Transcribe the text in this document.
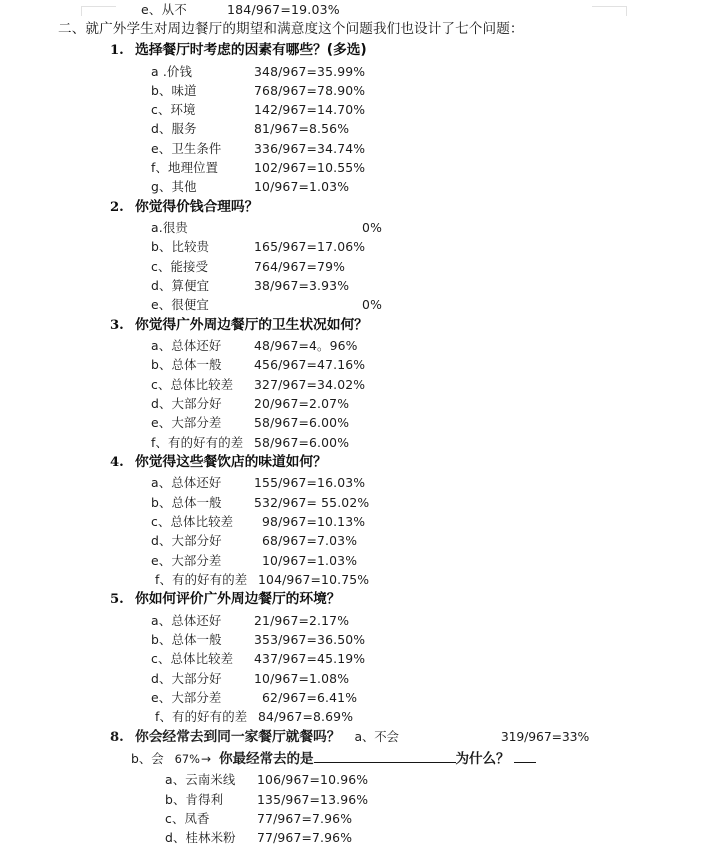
e、从不	184/967=19.03%
二、就广外学生对周边餐厅的期望和满意度这个问题我们也设计了七个问题：
1. 选择餐厅时考虑的因素有哪些？(多选)
a .价钱	348/967=35.99%
b、味道	768/967=78.90%
c、环境	142/967=14.70%
d、服务	81/967=8.56%
e、卫生条件	336/967=34.74%
f、地理位置	102/967=10.55%
g、其他	10/967=1.03%
2. 你觉得价钱合理吗？
a.很贵	0%
b、比较贵	165/967=17.06%
c、能接受	764/967=79%
d、算便宜	38/967=3.93%
e、很便宜	0%
3. 你觉得广外周边餐厅的卫生状况如何？
a、总体还好	48/967=4。96%
b、总体一般	456/967=47.16%
c、总体比较差	327/967=34.02%
d、大部分好	20/967=2.07%
e、大部分差	58/967=6.00%
f、有的好有的差 58/967=6.00%
4. 你觉得这些餐饮店的味道如何？
a、总体还好	155/967=16.03%
b、总体一般	532/967= 55.02%
c、总体比较差	98/967=10.13%
d、大部分好	68/967=7.03%
e、大部分差	10/967=1.03%
f、有的好有的差 104/967=10.75%
5. 你如何评价广外周边餐厅的环境？
a、总体还好	21/967=2.17%
b、总体一般	353/967=36.50%
c、总体比较差	437/967=45.19%
d、大部分好	10/967=1.08%
e、大部分差	62/967=6.41%
f、有的好有的差 84/967=8.69%
8. 你会经常去到同一家餐厅就餐吗？	a、不会	319/967=33%
b、会 67% → 你最经常去的是	为什么？
a、云南米线	106/967=10.96%
b、肯得利	135/967=13.96%
c、凤香	77/967=7.96%
d、桂林米粉	77/967=7.96%
